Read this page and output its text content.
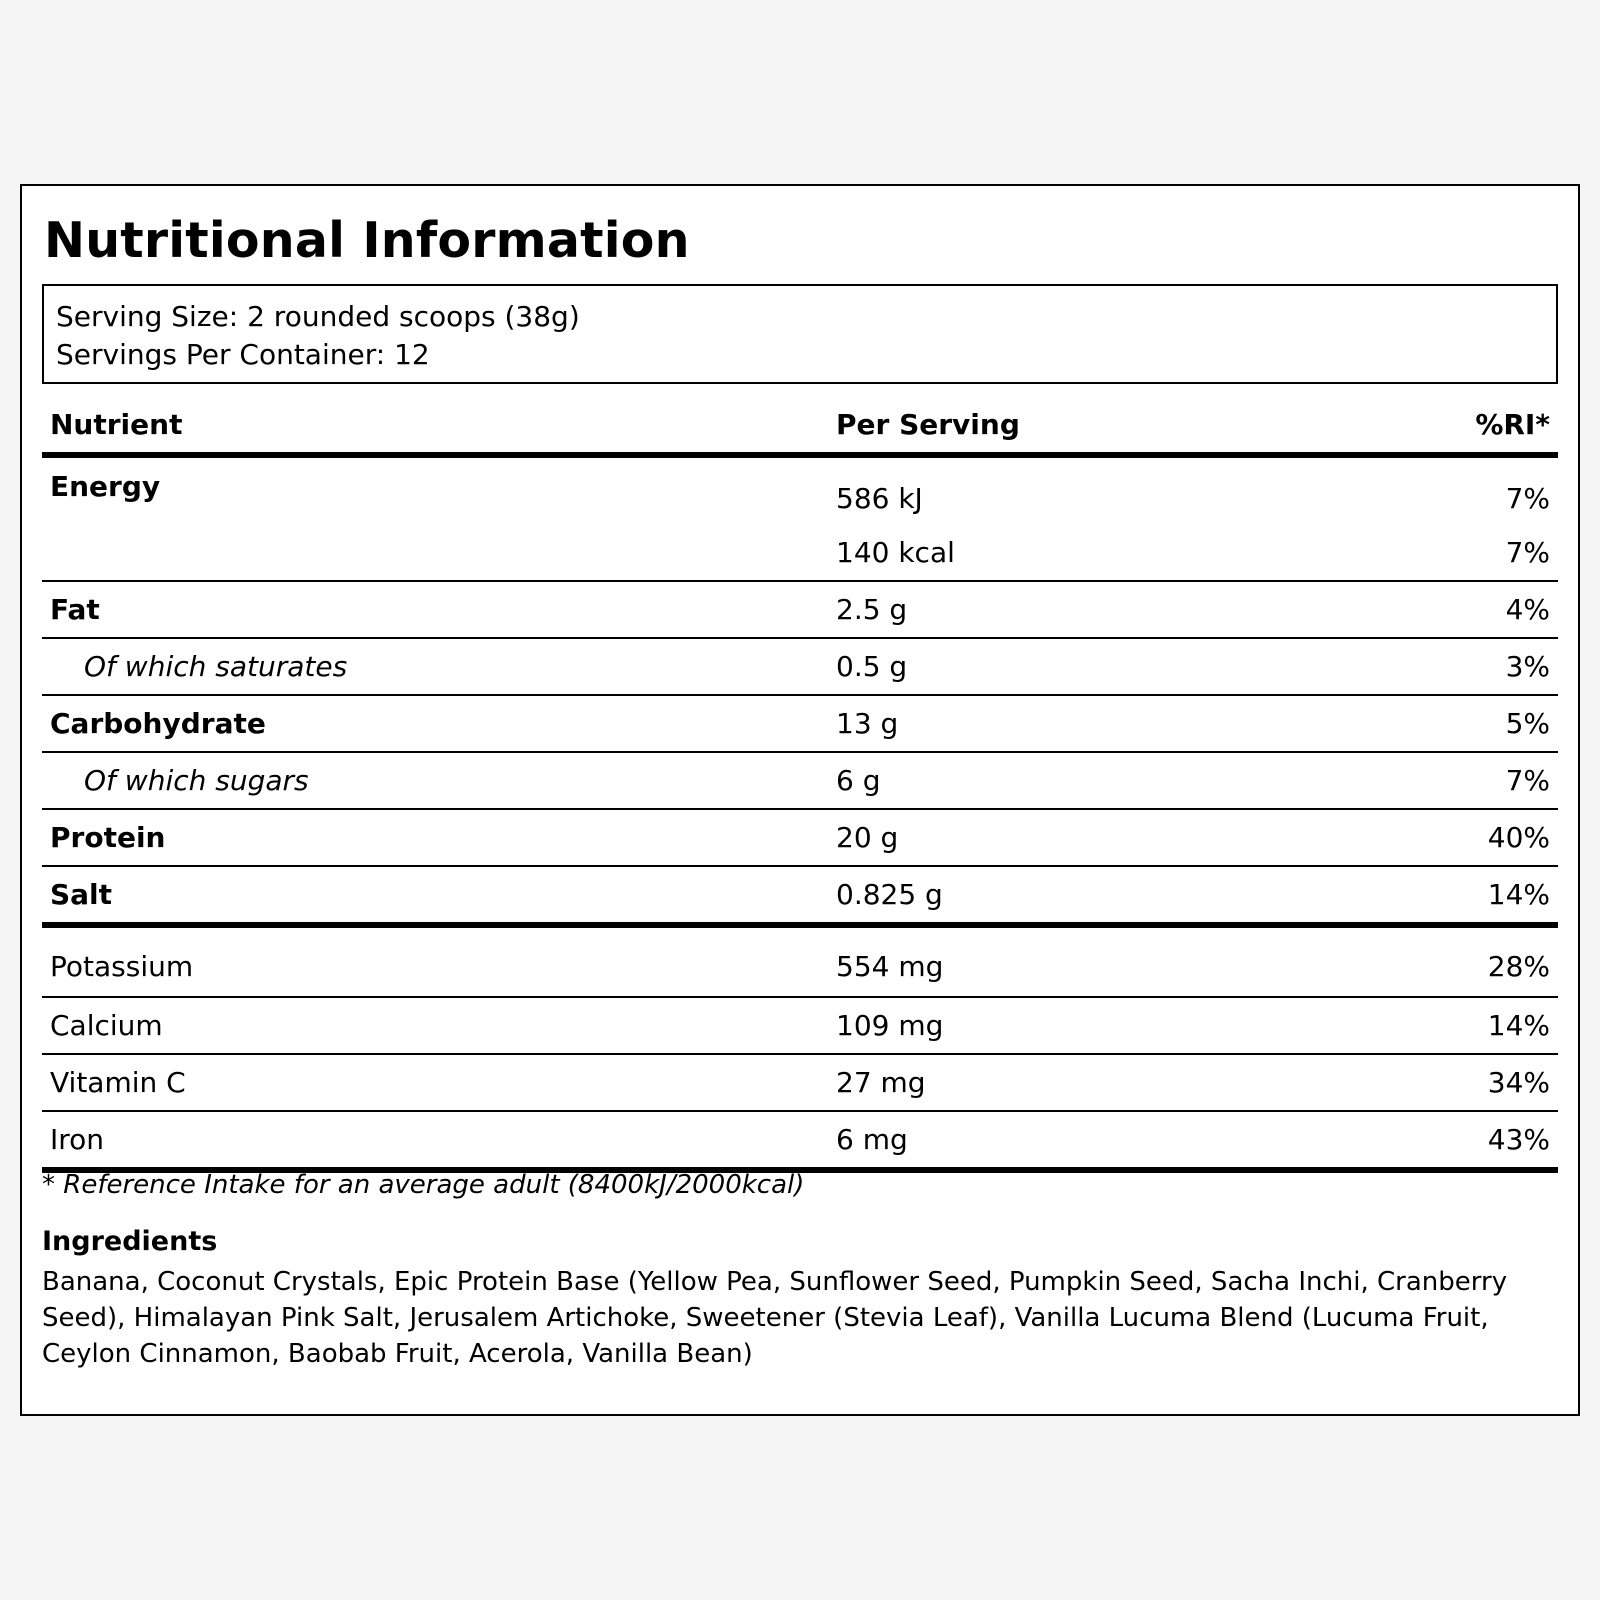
Nutritional Information
Serving Size: 2 rounded scoops (38g)
Servings Per Container: 12
Nutrient	Per Serving	%RI*
Energy	586 kJ	7%
	140 kcal	7%
Fat	2.5 g	4%
Of which saturates	0.5 g	3%
Carbohydrate	13 g	5%
Of which sugars	6 g	7%
Protein	20 g	40%
Salt	0.825 g	14%
Potassium	554 mg	28%
Calcium	109 mg	14%
Vitamin C	27 mg	34%
Iron	6 mg	43%
* Reference Intake for an average adult (8400kJ/2000kcal)
Ingredients
Banana, Coconut Crystals, Epic Protein Base (Yellow Pea, Sunflower Seed, Pumpkin Seed, Sacha Inchi, Cranberry Seed), Himalayan Pink Salt, Jerusalem Artichoke, Sweetener (Stevia Leaf), Vanilla Lucuma Blend (Lucuma Fruit, Ceylon Cinnamon, Baobab Fruit, Acerola, Vanilla Bean)
